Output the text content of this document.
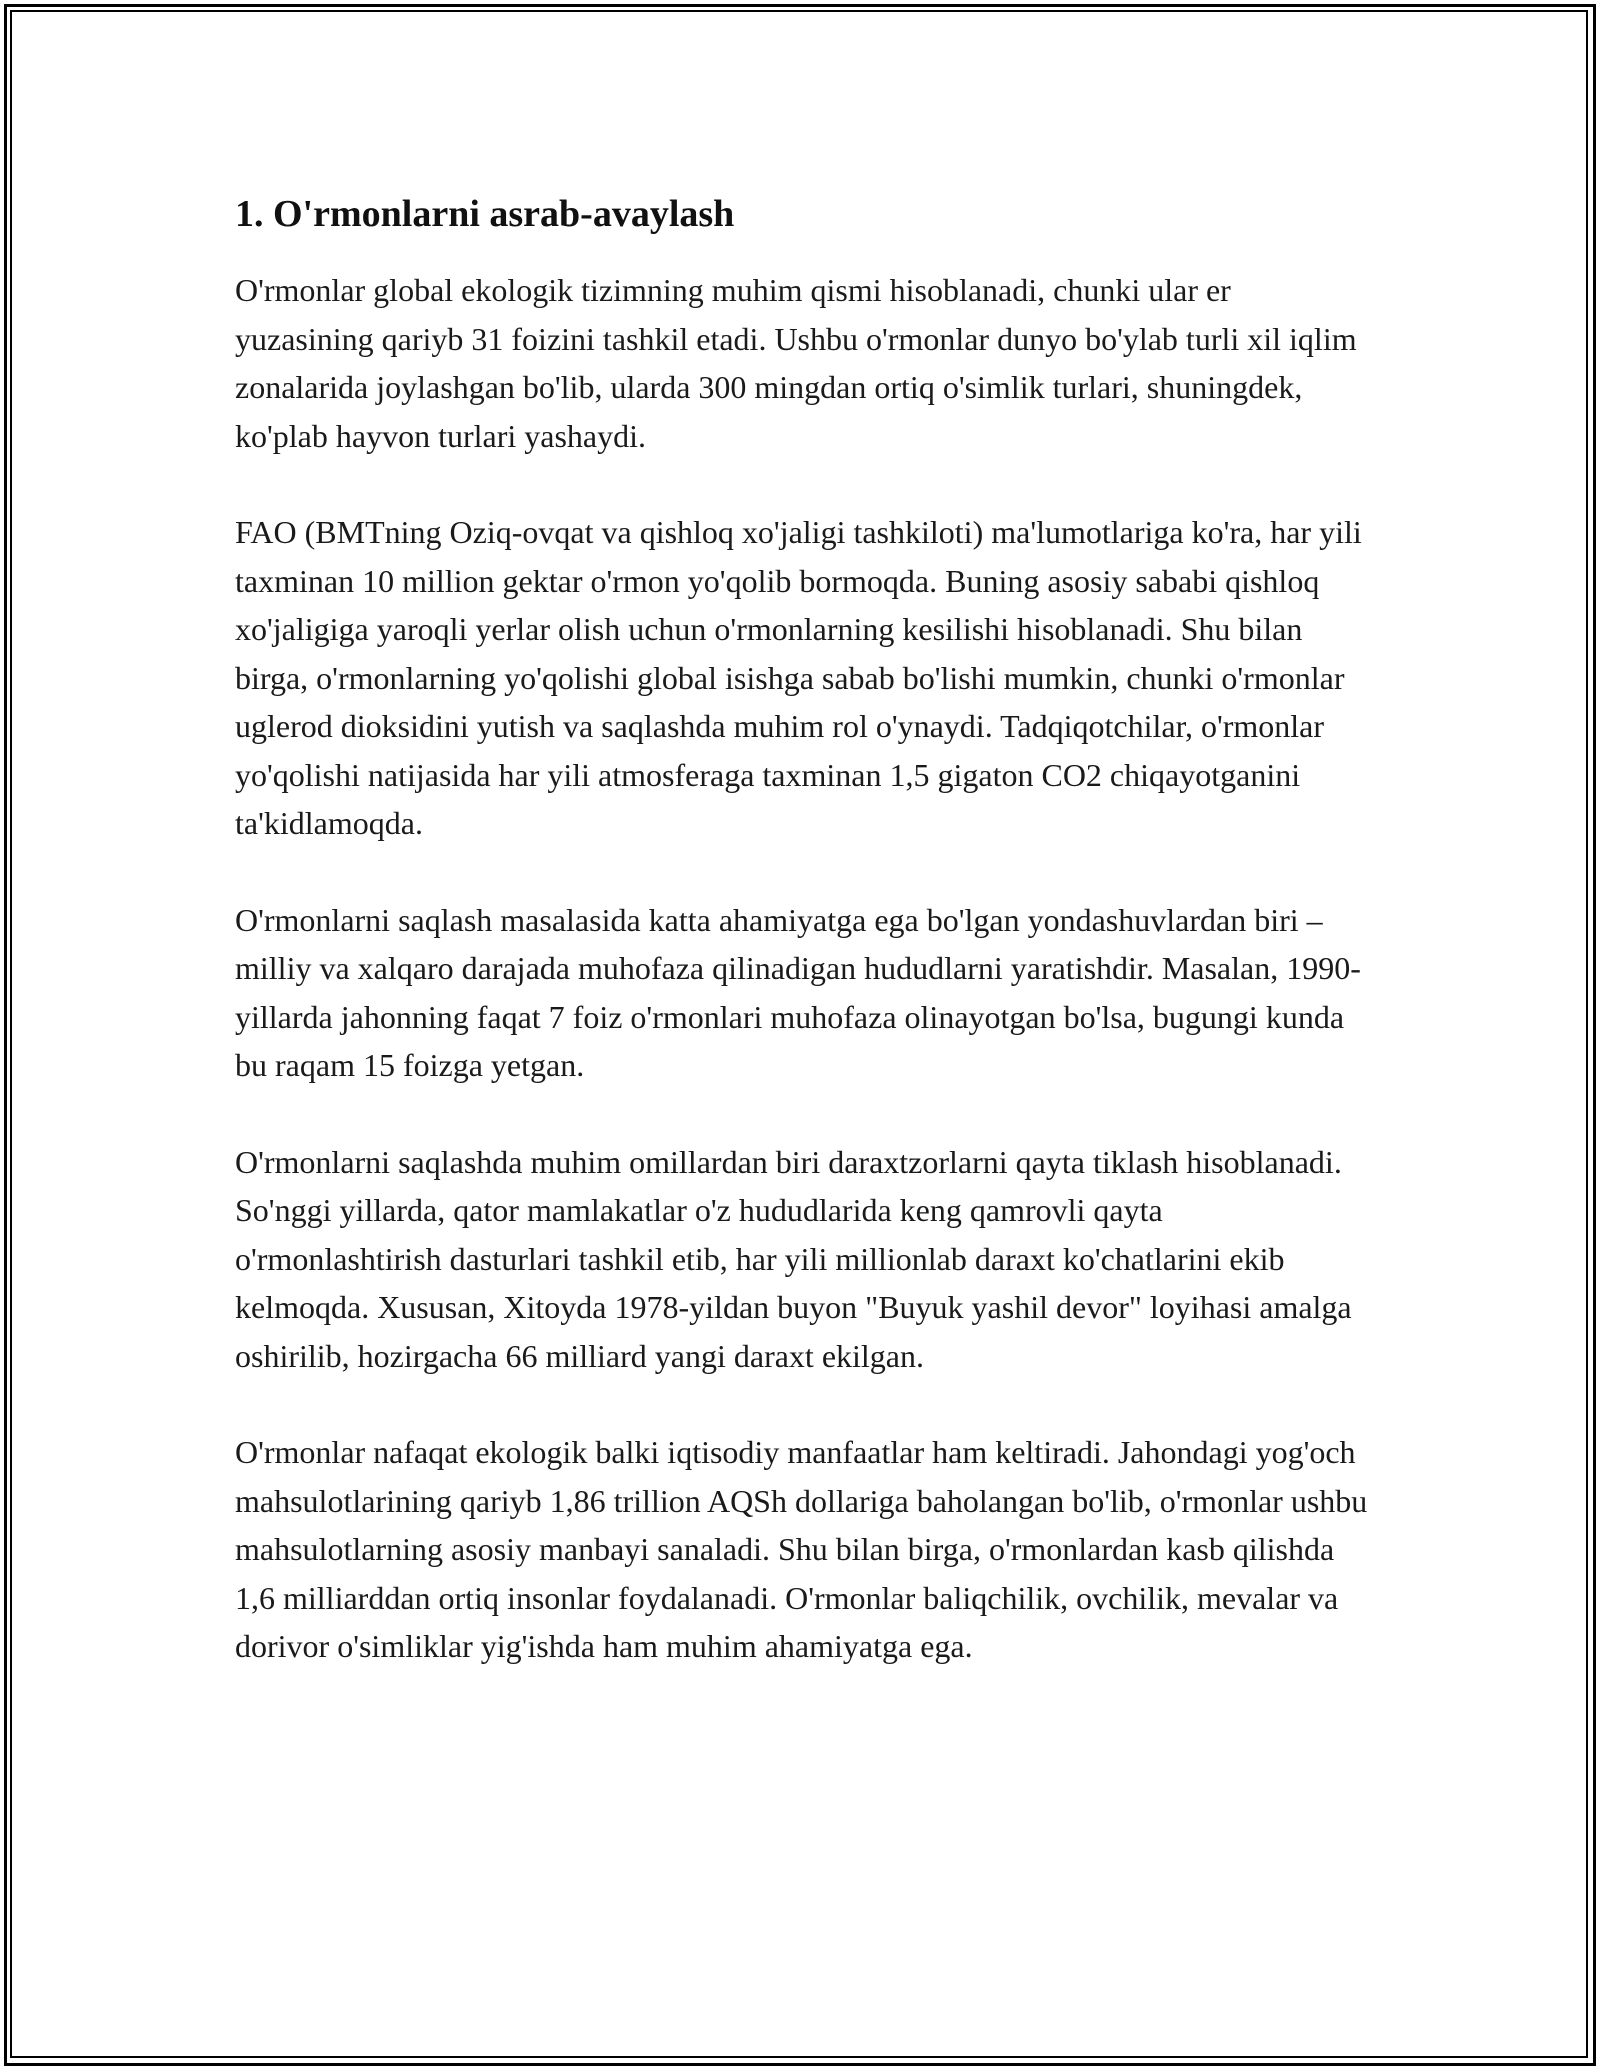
1. O'rmonlarni asrab-avaylash

O'rmonlar global ekologik tizimning muhim qismi hisoblanadi, chunki ular er yuzasining qariyb 31 foizini tashkil etadi. Ushbu o'rmonlar dunyo bo'ylab turli xil iqlim zonalarida joylashgan bo'lib, ularda 300 mingdan ortiq o'simlik turlari, shuningdek, ko'plab hayvon turlari yashaydi.

FAO (BMTning Oziq-ovqat va qishloq xo'jaligi tashkiloti) ma'lumotlariga ko'ra, har yili taxminan 10 million gektar o'rmon yo'qolib bormoqda. Buning asosiy sababi qishloq xo'jaligiga yaroqli yerlar olish uchun o'rmonlarning kesilishi hisoblanadi. Shu bilan birga, o'rmonlarning yo'qolishi global isishga sabab bo'lishi mumkin, chunki o'rmonlar uglerod dioksidini yutish va saqlashda muhim rol o'ynaydi. Tadqiqotchilar, o'rmonlar yo'qolishi natijasida har yili atmosferaga taxminan 1,5 gigaton CO2 chiqayotganini ta'kidlamoqda.

O'rmonlarni saqlash masalasida katta ahamiyatga ega bo'lgan yondashuvlardan biri – milliy va xalqaro darajada muhofaza qilinadigan hududlarni yaratishdir. Masalan, 1990-yillarda jahonning faqat 7 foiz o'rmonlari muhofaza olinayotgan bo'lsa, bugungi kunda bu raqam 15 foizga yetgan.

O'rmonlarni saqlashda muhim omillardan biri daraxtzorlarni qayta tiklash hisoblanadi. So'nggi yillarda, qator mamlakatlar o'z hududlarida keng qamrovli qayta o'rmonlashtirish dasturlari tashkil etib, har yili millionlab daraxt ko'chatlarini ekib kelmoqda. Xususan, Xitoyda 1978-yildan buyon "Buyuk yashil devor" loyihasi amalga oshirilib, hozirgacha 66 milliard yangi daraxt ekilgan.

O'rmonlar nafaqat ekologik balki iqtisodiy manfaatlar ham keltiradi. Jahondagi yog'och mahsulotlarining qariyb 1,86 trillion AQSh dollariga baholangan bo'lib, o'rmonlar ushbu mahsulotlarning asosiy manbayi sanaladi. Shu bilan birga, o'rmonlardan kasb qilishda 1,6 milliarddan ortiq insonlar foydalanadi. O'rmonlar baliqchilik, ovchilik, mevalar va dorivor o'simliklar yig'ishda ham muhim ahamiyatga ega.
